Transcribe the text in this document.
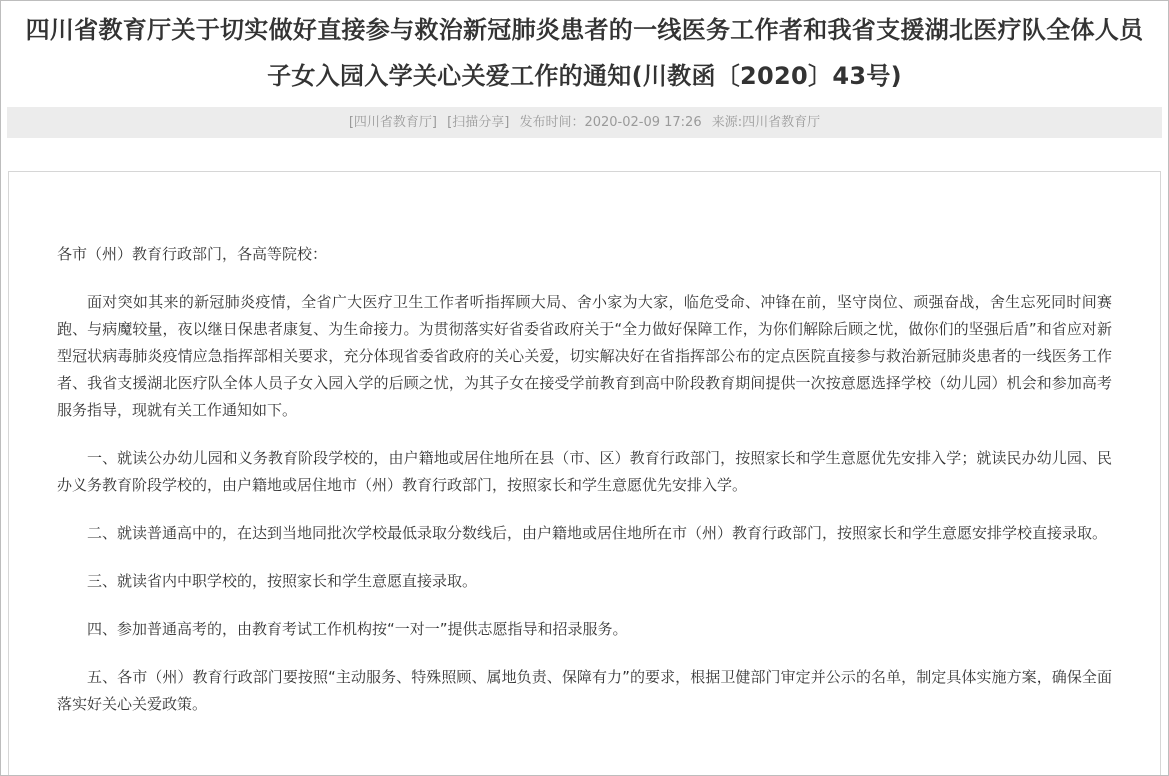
四川省教育厅关于切实做好直接参与救治新冠肺炎患者的一线医务工作者和我省支援湖北医疗队全体人员
子女入园入学关心关爱工作的通知(川教函〔2020〕43号)
[四川省教育厅] [扫描分享] 发布时间：2020-02-09 17:26 来源:四川省教育厅

各市（州）教育行政部门，各高等院校：

面对突如其来的新冠肺炎疫情，全省广大医疗卫生工作者听指挥顾大局、舍小家为大家，临危受命、冲锋在前，坚守岗位、顽强奋战，舍生忘死同时间赛跑、与病魔较量，夜以继日保患者康复、为生命接力。为贯彻落实好省委省政府关于“全力做好保障工作，为你们解除后顾之忧，做你们的坚强后盾”和省应对新型冠状病毒肺炎疫情应急指挥部相关要求，充分体现省委省政府的关心关爱，切实解决好在省指挥部公布的定点医院直接参与救治新冠肺炎患者的一线医务工作者、我省支援湖北医疗队全体人员子女入园入学的后顾之忧，为其子女在接受学前教育到高中阶段教育期间提供一次按意愿选择学校（幼儿园）机会和参加高考服务指导，现就有关工作通知如下。

一、就读公办幼儿园和义务教育阶段学校的，由户籍地或居住地所在县（市、区）教育行政部门，按照家长和学生意愿优先安排入学；就读民办幼儿园、民办义务教育阶段学校的，由户籍地或居住地市（州）教育行政部门，按照家长和学生意愿优先安排入学。

二、就读普通高中的，在达到当地同批次学校最低录取分数线后，由户籍地或居住地所在市（州）教育行政部门，按照家长和学生意愿安排学校直接录取。

三、就读省内中职学校的，按照家长和学生意愿直接录取。

四、参加普通高考的，由教育考试工作机构按“一对一”提供志愿指导和招录服务。

五、各市（州）教育行政部门要按照“主动服务、特殊照顾、属地负责、保障有力”的要求，根据卫健部门审定并公示的名单，制定具体实施方案，确保全面落实好关心关爱政策。
